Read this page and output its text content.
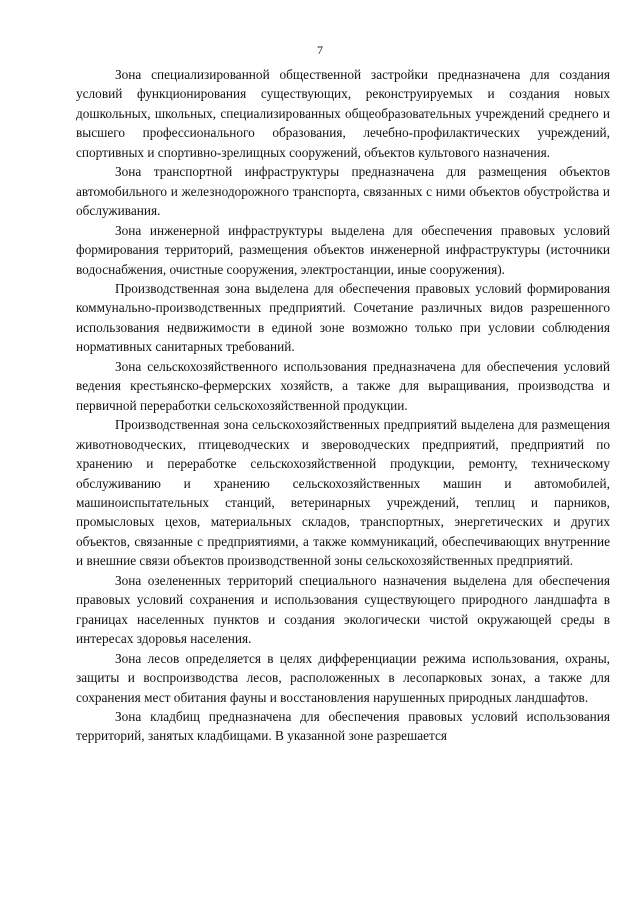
7

Зона специализированной общественной застройки предназначена для создания условий функционирования существующих, реконструируемых и создания новых дошкольных, школьных, специализированных общеобразовательных учреждений среднего и высшего профессионального образования, лечебно-профилактических учреждений, спортивных и спортивно-зрелищных сооружений, объектов культового назначения.

Зона транспортной инфраструктуры предназначена для размещения объектов автомобильного и железнодорожного транспорта, связанных с ними объектов обустройства и обслуживания.

Зона инженерной инфраструктуры выделена для обеспечения правовых условий формирования территорий, размещения объектов инженерной инфраструктуры (источники водоснабжения, очистные сооружения, электростанции, иные сооружения).

Производственная зона выделена для обеспечения правовых условий формирования коммунально-производственных предприятий. Сочетание различных видов разрешенного использования недвижимости в единой зоне возможно только при условии соблюдения нормативных санитарных требований.

Зона сельскохозяйственного использования предназначена для обеспечения условий ведения крестьянско-фермерских хозяйств, а также для выращивания, производства и первичной переработки сельскохозяйственной продукции.

Производственная зона сельскохозяйственных предприятий выделена для размещения животноводческих, птицеводческих и звероводческих предприятий, предприятий по хранению и переработке сельскохозяйственной продукции, ремонту, техническому обслуживанию и хранению сельскохозяйственных машин и автомобилей, машиноиспытательных станций, ветеринарных учреждений, теплиц и парников, промысловых цехов, материальных складов, транспортных, энергетических и других объектов, связанные с предприятиями, а также коммуникаций, обеспечивающих внутренние и внешние связи объектов производственной зоны сельскохозяйственных предприятий.

Зона озелененных территорий специального назначения выделена для обеспечения правовых условий сохранения и использования существующего природного ландшафта в границах населенных пунктов и создания экологически чистой окружающей среды в интересах здоровья населения.

Зона лесов определяется в целях дифференциации режима использования, охраны, защиты и воспроизводства лесов, расположенных в лесопарковых зонах, а также для сохранения мест обитания фауны и восстановления нарушенных природных ландшафтов.

Зона кладбищ предназначена для обеспечения правовых условий использования территорий, занятых кладбищами. В указанной зоне разрешается
